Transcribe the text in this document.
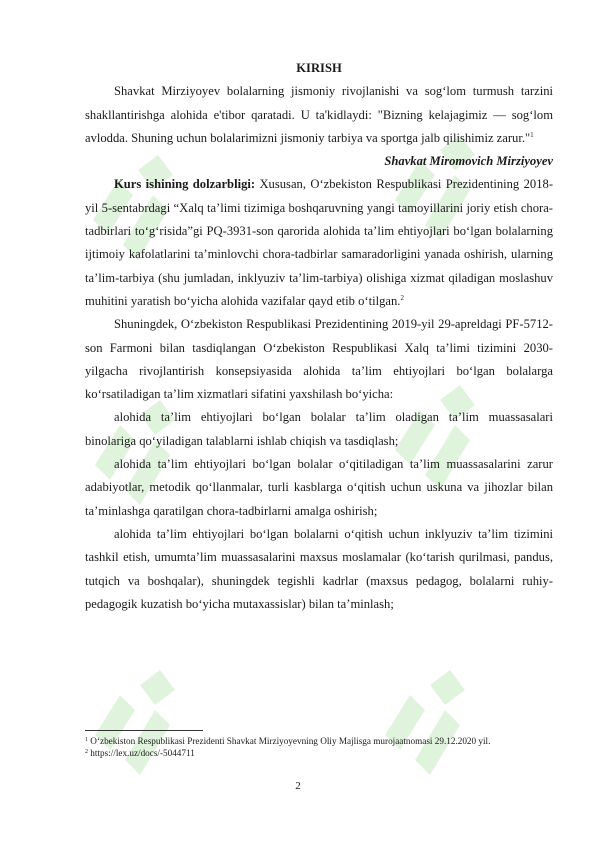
KIRISH

Shavkat Mirziyoyev bolalarning jismoniy rivojlanishi va sog‘lom turmush tarzini shakllantirishga alohida e'tibor qaratadi. U ta'kidlaydi: "Bizning kelajagimiz — sog‘lom avlodda. Shuning uchun bolalarimizni jismoniy tarbiya va sportga jalb qilishimiz zarur."$^1$

Shavkat Miromovich Mirziyoyev

Kurs ishining dolzarbligi: Xususan, O‘zbekiston Respublikasi Prezidentining 2018-yil 5-sentabrdagi “Xalq ta’limi tizimiga boshqaruvning yangi tamoyillarini joriy etish chora-tadbirlari to‘g‘risida”gi PQ-3931-son qarorida alohida ta’lim ehtiyojlari bo‘lgan bolalarning ijtimoiy kafolatlarini ta’minlovchi chora-tadbirlar samaradorligini yanada oshirish, ularning ta’lim-tarbiya (shu jumladan, inklyuziv ta’lim-tarbiya) olishiga xizmat qiladigan moslashuv muhitini yaratish bo‘yicha alohida vazifalar qayd etib o‘tilgan.$^2$

Shuningdek, O‘zbekiston Respublikasi Prezidentining 2019-yil 29-apreldagi PF-5712-son Farmoni bilan tasdiqlangan O‘zbekiston Respublikasi Xalq ta’limi tizimini 2030-yilgacha rivojlantirish konsepsiyasida alohida ta’lim ehtiyojlari bo‘lgan bolalarga ko‘rsatiladigan ta’lim xizmatlari sifatini yaxshilash bo‘yicha:

alohida ta’lim ehtiyojlari bo‘lgan bolalar ta’lim oladigan ta’lim muassasalari binolariga qo‘yiladigan talablarni ishlab chiqish va tasdiqlash;

alohida ta’lim ehtiyojlari bo‘lgan bolalar o‘qitiladigan ta’lim muassasalarini zarur adabiyotlar, metodik qo‘llanmalar, turli kasblarga o‘qitish uchun uskuna va jihozlar bilan ta’minlashga qaratilgan chora-tadbirlarni amalga oshirish;

alohida ta’lim ehtiyojlari bo‘lgan bolalarni o‘qitish uchun inklyuziv ta’lim tizimini tashkil etish, umumta’lim muassasalarini maxsus moslamalar (ko‘tarish qurilmasi, pandus, tutqich va boshqalar), shuningdek tegishli kadrlar (maxsus pedagog, bolalarni ruhiy-pedagogik kuzatish bo‘yicha mutaxassislar) bilan ta’minlash;

$^1$ O‘zbekiston Respublikasi Prezidenti Shavkat Mirziyoyevning Oliy Majlisga murojaatnomasi 29.12.2020 yil.
$^2$ https://lex.uz/docs/-5044711
2
